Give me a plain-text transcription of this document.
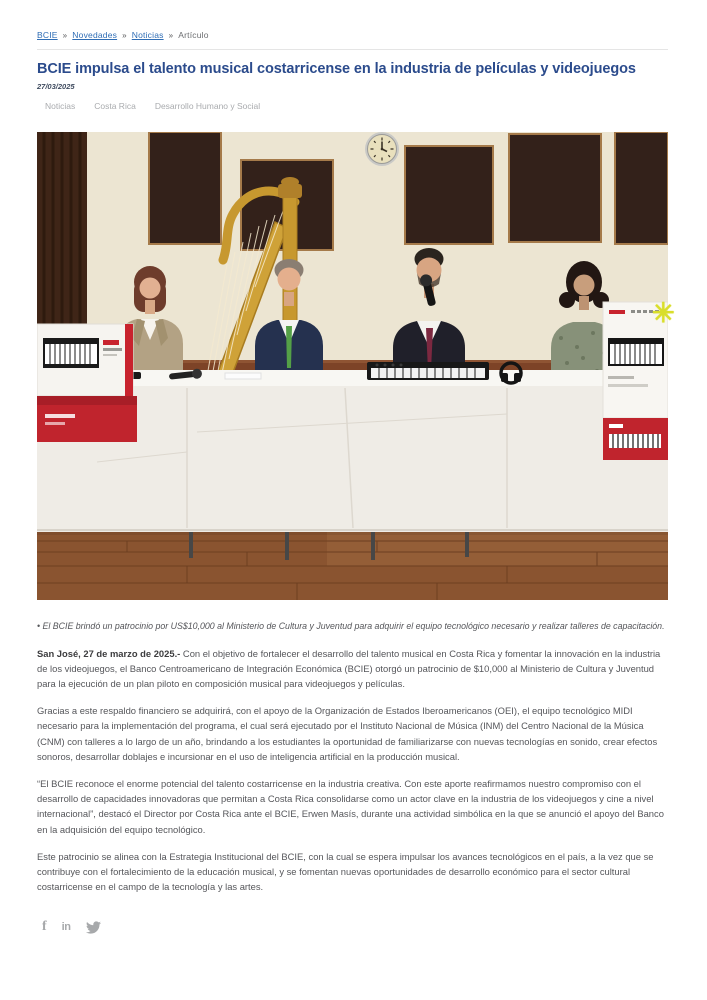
BCIE » Novedades » Noticias » Artículo
BCIE impulsa el talento musical costarricense en la industria de películas y videojuegos
27/03/2025
Noticias Costa Rica Desarrollo Humano y Social
✳

• El BCIE brindó un patrocinio por US$10,000 al Ministerio de Cultura y Juventud para adquirir el equipo tecnológico necesario y realizar talleres de capacitación.

San José, 27 de marzo de 2025.- Con el objetivo de fortalecer el desarrollo del talento musical en Costa Rica y fomentar la innovación en la industria de los videojuegos, el Banco Centroamericano de Integración Económica (BCIE) otorgó un patrocinio de $10,000 al Ministerio de Cultura y Juventud para la ejecución de un plan piloto en composición musical para videojuegos y películas.

Gracias a este respaldo financiero se adquirirá, con el apoyo de la Organización de Estados Iberoamericanos (OEI), el equipo tecnológico MIDI necesario para la implementación del programa, el cual será ejecutado por el Instituto Nacional de Música (INM) del Centro Nacional de la Música (CNM) con talleres a lo largo de un año, brindando a los estudiantes la oportunidad de familiarizarse con nuevas tecnologías en sonido, crear efectos sonoros, desarrollar doblajes e incursionar en el uso de inteligencia artificial en la producción musical.

“El BCIE reconoce el enorme potencial del talento costarricense en la industria creativa. Con este aporte reafirmamos nuestro compromiso con el desarrollo de capacidades innovadoras que permitan a Costa Rica consolidarse como un actor clave en la industria de los videojuegos y cine a nivel internacional”, destacó el Director por Costa Rica ante el BCIE, Erwen Masís, durante una actividad simbólica en la que se anunció el apoyo del Banco en la adquisición del equipo tecnológico.

Este patrocinio se alinea con la Estrategia Institucional del BCIE, con la cual se espera impulsar los avances tecnológicos en el país, a la vez que se contribuye con el fortalecimiento de la educación musical, y se fomentan nuevas oportunidades de desarrollo económico para el sector cultural costarricense en el campo de la tecnología y las artes.

f in
